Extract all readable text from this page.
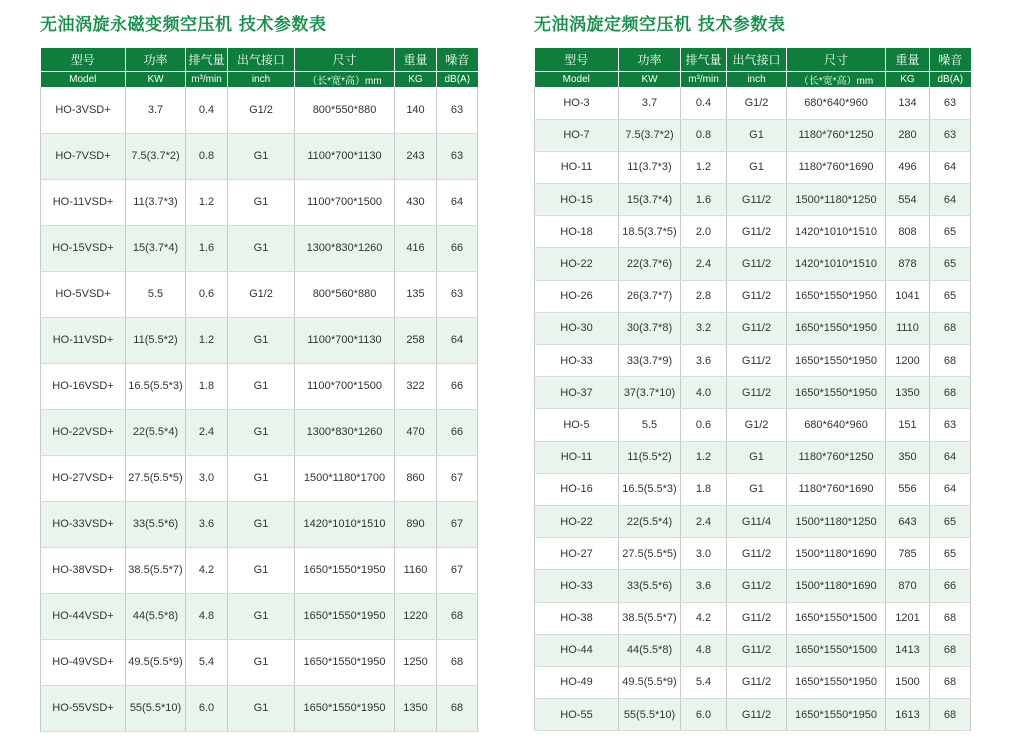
无油涡旋永磁变频空压机 技术参数表
型号	功率	排气量	出气接口	尺寸	重量	噪音
Model	KW	m³/min	inch	（长*宽*高）mm	KG	dB(A)
HO-3VSD+	3.7	0.4	G1/2	800*550*880	140	63
HO-7VSD+	7.5(3.7*2)	0.8	G1	1100*700*1130	243	63
HO-11VSD+	11(3.7*3)	1.2	G1	1100*700*1500	430	64
HO-15VSD+	15(3.7*4)	1.6	G1	1300*830*1260	416	66
HO-5VSD+	5.5	0.6	G1/2	800*560*880	135	63
HO-11VSD+	11(5.5*2)	1.2	G1	1100*700*1130	258	64
HO-16VSD+	16.5(5.5*3)	1.8	G1	1100*700*1500	322	66
HO-22VSD+	22(5.5*4)	2.4	G1	1300*830*1260	470	66
HO-27VSD+	27.5(5.5*5)	3.0	G1	1500*1180*1700	860	67
HO-33VSD+	33(5.5*6)	3.6	G1	1420*1010*1510	890	67
HO-38VSD+	38.5(5.5*7)	4.2	G1	1650*1550*1950	1160	67
HO-44VSD+	44(5.5*8)	4.8	G1	1650*1550*1950	1220	68
HO-49VSD+	49.5(5.5*9)	5.4	G1	1650*1550*1950	1250	68
HO-55VSD+	55(5.5*10)	6.0	G1	1650*1550*1950	1350	68
无油涡旋定频空压机 技术参数表
型号	功率	排气量	出气接口	尺寸	重量	噪音
Model	KW	m³/min	inch	（长*宽*高）mm	KG	dB(A)
HO-3	3.7	0.4	G1/2	680*640*960	134	63
HO-7	7.5(3.7*2)	0.8	G1	1180*760*1250	280	63
HO-11	11(3.7*3)	1.2	G1	1180*760*1690	496	64
HO-15	15(3.7*4)	1.6	G11/2	1500*1180*1250	554	64
HO-18	18.5(3.7*5)	2.0	G11/2	1420*1010*1510	808	65
HO-22	22(3.7*6)	2.4	G11/2	1420*1010*1510	878	65
HO-26	26(3.7*7)	2.8	G11/2	1650*1550*1950	1041	65
HO-30	30(3.7*8)	3.2	G11/2	1650*1550*1950	1110	68
HO-33	33(3.7*9)	3.6	G11/2	1650*1550*1950	1200	68
HO-37	37(3.7*10)	4.0	G11/2	1650*1550*1950	1350	68
HO-5	5.5	0.6	G1/2	680*640*960	151	63
HO-11	11(5.5*2)	1.2	G1	1180*760*1250	350	64
HO-16	16.5(5.5*3)	1.8	G1	1180*760*1690	556	64
HO-22	22(5.5*4)	2.4	G11/4	1500*1180*1250	643	65
HO-27	27.5(5.5*5)	3.0	G11/2	1500*1180*1690	785	65
HO-33	33(5.5*6)	3.6	G11/2	1500*1180*1690	870	66
HO-38	38.5(5.5*7)	4.2	G11/2	1650*1550*1500	1201	68
HO-44	44(5.5*8)	4.8	G11/2	1650*1550*1500	1413	68
HO-49	49.5(5.5*9)	5.4	G11/2	1650*1550*1950	1500	68
HO-55	55(5.5*10)	6.0	G11/2	1650*1550*1950	1613	68
